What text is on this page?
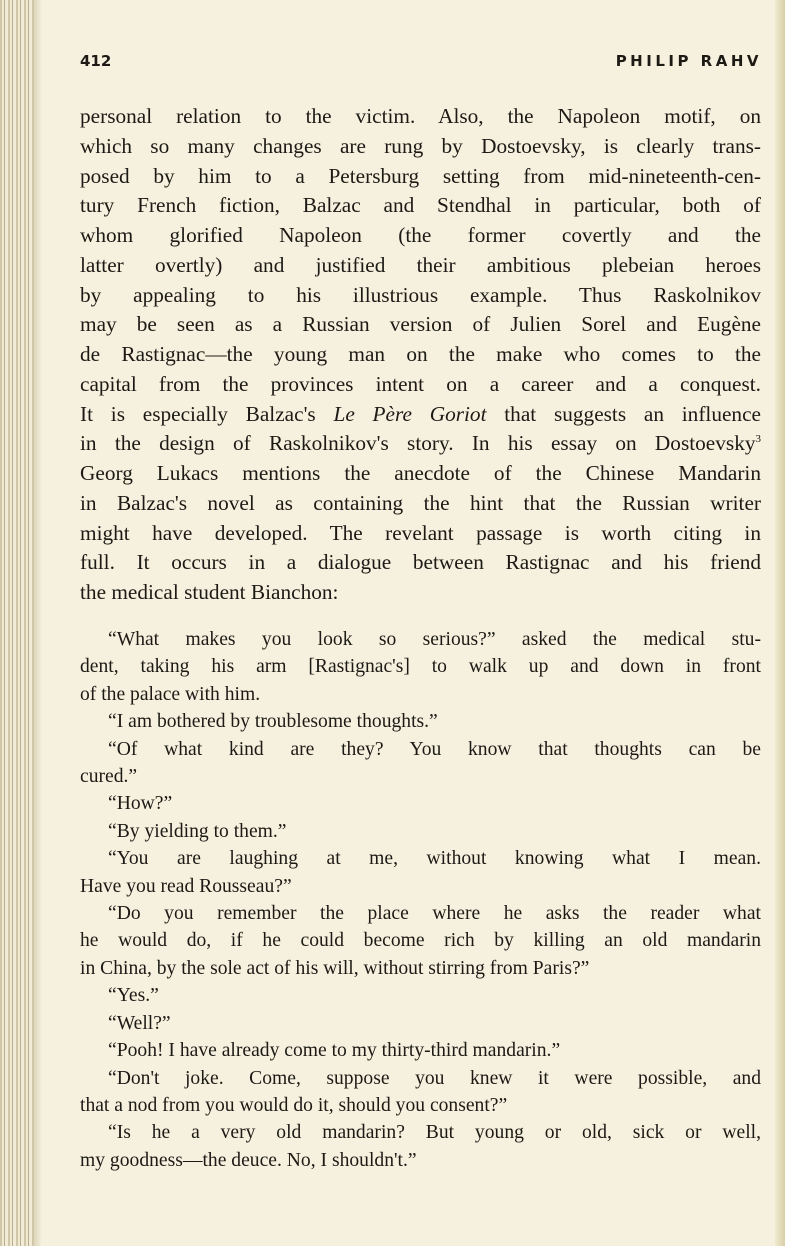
412	PHILIP RAHV
personal relation to the victim. Also, the Napoleon motif, on
which so many changes are rung by Dostoevsky, is clearly trans-
posed by him to a Petersburg setting from mid-nineteenth-cen-
tury French fiction, Balzac and Stendhal in particular, both of
whom glorified Napoleon (the former covertly and the
latter overtly) and justified their ambitious plebeian heroes
by appealing to his illustrious example. Thus Raskolnikov
may be seen as a Russian version of Julien Sorel and Eugène
de Rastignac—the young man on the make who comes to the
capital from the provinces intent on a career and a conquest.
It is especially Balzac's Le Père Goriot that suggests an influence
in the design of Raskolnikov's story. In his essay on Dostoevsky$^3$
Georg Lukacs mentions the anecdote of the Chinese Mandarin
in Balzac's novel as containing the hint that the Russian writer
might have developed. The revelant passage is worth citing in
full. It occurs in a dialogue between Rastignac and his friend
the medical student Bianchon:
“What makes you look so serious?” asked the medical stu-
dent, taking his arm [Rastignac's] to walk up and down in front
of the palace with him.
“I am bothered by troublesome thoughts.”
“Of what kind are they? You know that thoughts can be
cured.”
“How?”
“By yielding to them.”
“You are laughing at me, without knowing what I mean.
Have you read Rousseau?”
“Do you remember the place where he asks the reader what
he would do, if he could become rich by killing an old mandarin
in China, by the sole act of his will, without stirring from Paris?”
“Yes.”
“Well?”
“Pooh! I have already come to my thirty-third mandarin.”
“Don't joke. Come, suppose you knew it were possible, and
that a nod from you would do it, should you consent?”
“Is he a very old mandarin? But young or old, sick or well,
my goodness—the deuce. No, I shouldn't.”
